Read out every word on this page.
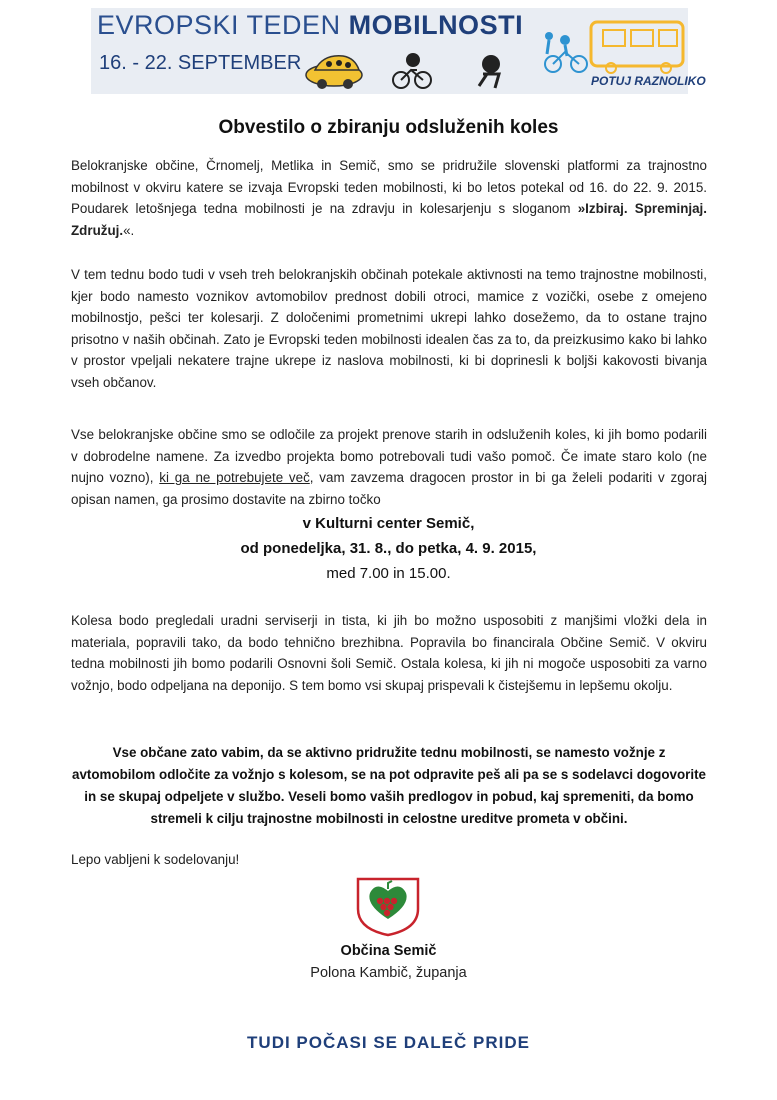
EVROPSKI TEDEN MOBILNOSTI
16. - 22. SEPTEMBER
POTUJ RAZNOLIKO
Obvestilo o zbiranju odsluženih koles

Belokranjske občine, Črnomelj, Metlika in Semič, smo se pridružile slovenski platformi za trajnostno mobilnost v okviru katere se izvaja Evropski teden mobilnosti, ki bo letos potekal od 16. do 22. 9. 2015. Poudarek letošnjega tedna mobilnosti je na zdravju in kolesarjenju s sloganom »Izbiraj. Spreminjaj. Združuj.«.

V tem tednu bodo tudi v vseh treh belokranjskih občinah potekale aktivnosti na temo trajnostne mobilnosti, kjer bodo namesto voznikov avtomobilov prednost dobili otroci, mamice z vozički, osebe z omejeno mobilnostjo, pešci ter kolesarji. Z določenimi prometnimi ukrepi lahko dosežemo, da to ostane trajno prisotno v naših občinah. Zato je Evropski teden mobilnosti idealen čas za to, da preizkusimo kako bi lahko v prostor vpeljali nekatere trajne ukrepe iz naslova mobilnosti, ki bi doprinesli k boljši kakovosti bivanja vseh občanov.

Vse belokranjske občine smo se odločile za projekt prenove starih in odsluženih koles, ki jih bomo podarili v dobrodelne namene. Za izvedbo projekta bomo potrebovali tudi vašo pomoč. Če imate staro kolo (ne nujno vozno), ki ga ne potrebujete več, vam zavzema dragocen prostor in bi ga želeli podariti v zgoraj opisan namen, ga prosimo dostavite na zbirno točko

v Kulturni center Semič,
od ponedeljka, 31. 8., do petka, 4. 9. 2015,
med 7.00 in 15.00.

Kolesa bodo pregledali uradni serviserji in tista, ki jih bo možno usposobiti z manjšimi vložki dela in materiala, popravili tako, da bodo tehnično brezhibna. Popravila bo financirala Občine Semič. V okviru tedna mobilnosti jih bomo podarili Osnovni šoli Semič. Ostala kolesa, ki jih ni mogoče usposobiti za varno vožnjo, bodo odpeljana na deponijo. S tem bomo vsi skupaj prispevali k čistejšemu in lepšemu okolju.

Vse občane zato vabim, da se aktivno pridružite tednu mobilnosti, se namesto vožnje z avtomobilom odločite za vožnjo s kolesom, se na pot odpravite peš ali pa se s sodelavci dogovorite in se skupaj odpeljete v službo. Veseli bomo vaših predlogov in pobud, kaj spremeniti, da bomo stremeli k cilju trajnostne mobilnosti in celostne ureditve prometa v občini.

Lepo vabljeni k sodelovanju!
Občina Semič
Polona Kambič, županja
TUDI POČASI SE DALEČ PRIDE
